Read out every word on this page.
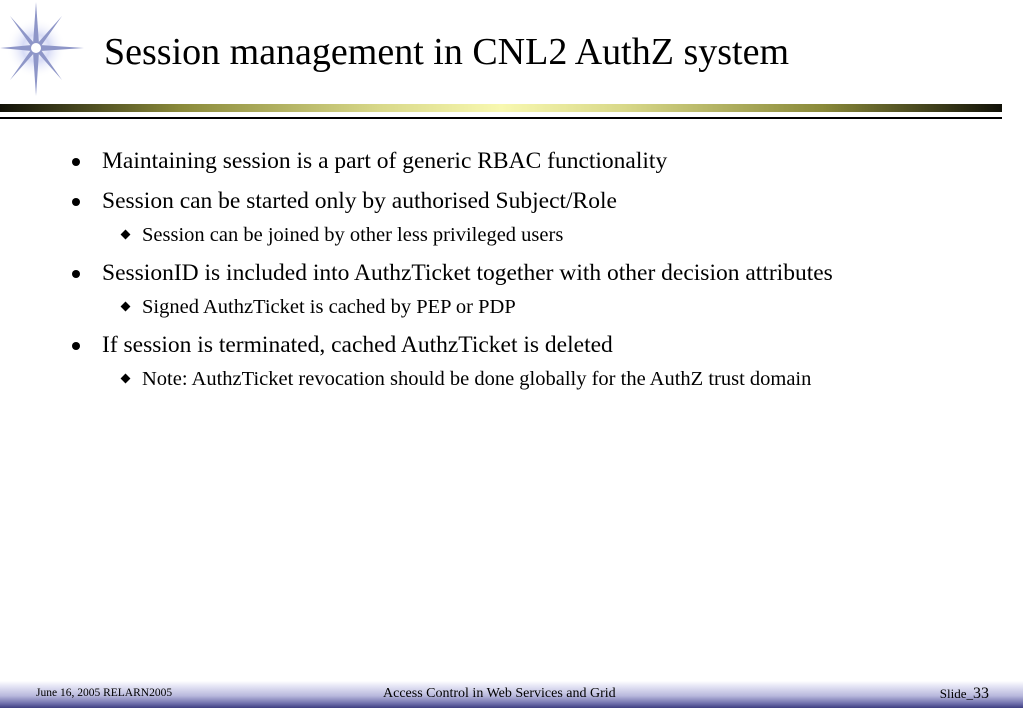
Session management in CNL2 AuthZ system
Maintaining session is a part of generic RBAC functionality
Session can be started only by authorised Subject/Role
Session can be joined by other less privileged users
SessionID is included into AuthzTicket together with other decision attributes
Signed AuthzTicket is cached by PEP or PDP
If session is terminated, cached AuthzTicket is deleted
Note: AuthzTicket revocation should be done globally for the AuthZ trust domain
June 16, 2005 RELARN2005	Access Control in Web Services and Grid	Slide_33
